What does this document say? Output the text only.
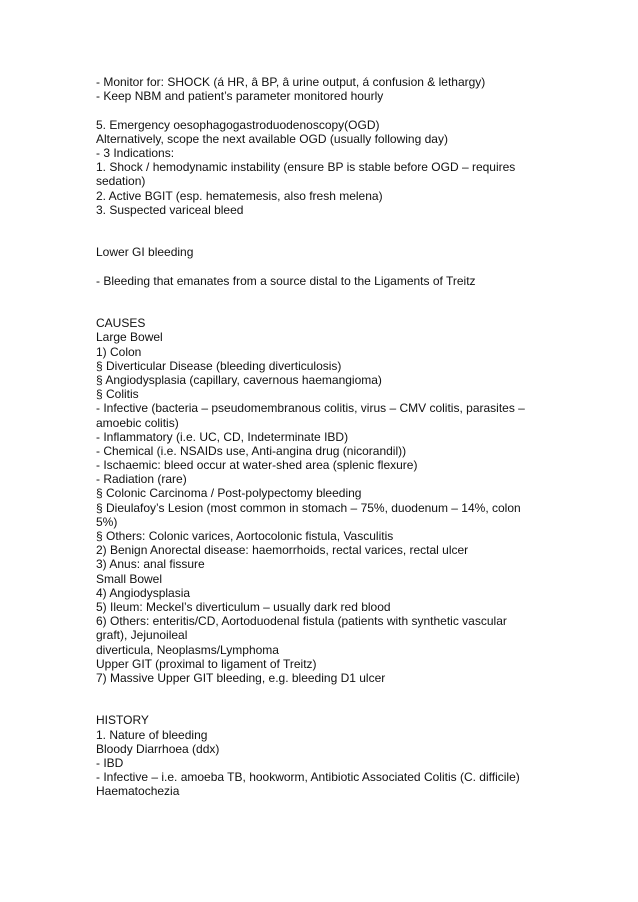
- Monitor for: SHOCK (á HR, â BP, â urine output, á confusion & lethargy)
- Keep NBM and patient’s parameter monitored hourly
5. Emergency oesophagogastroduodenoscopy(OGD)
Alternatively, scope the next available OGD (usually following day)
- 3 Indications:
1. Shock / hemodynamic instability (ensure BP is stable before OGD – requires
sedation)
2. Active BGIT (esp. hematemesis, also fresh melena)
3. Suspected variceal bleed
Lower GI bleeding
- Bleeding that emanates from a source distal to the Ligaments of Treitz
CAUSES
Large Bowel
1) Colon
§ Diverticular Disease (bleeding diverticulosis)
§ Angiodysplasia (capillary, cavernous haemangioma)
§ Colitis
- Infective (bacteria – pseudomembranous colitis, virus – CMV colitis, parasites –
amoebic colitis)
- Inflammatory (i.e. UC, CD, Indeterminate IBD)
- Chemical (i.e. NSAIDs use, Anti-angina drug (nicorandil))
- Ischaemic: bleed occur at water-shed area (splenic flexure)
- Radiation (rare)
§ Colonic Carcinoma / Post-polypectomy bleeding
§ Dieulafoy’s Lesion (most common in stomach – 75%, duodenum – 14%, colon
5%)
§ Others: Colonic varices, Aortocolonic fistula, Vasculitis
2) Benign Anorectal disease: haemorrhoids, rectal varices, rectal ulcer
3) Anus: anal fissure
Small Bowel
4) Angiodysplasia
5) Ileum: Meckel’s diverticulum – usually dark red blood
6) Others: enteritis/CD, Aortoduodenal fistula (patients with synthetic vascular
graft), Jejunoileal
diverticula, Neoplasms/Lymphoma
Upper GIT (proximal to ligament of Treitz)
7) Massive Upper GIT bleeding, e.g. bleeding D1 ulcer
HISTORY
1. Nature of bleeding
Bloody Diarrhoea (ddx)
- IBD
- Infective – i.e. amoeba TB, hookworm, Antibiotic Associated Colitis (C. difficile)
Haematochezia
